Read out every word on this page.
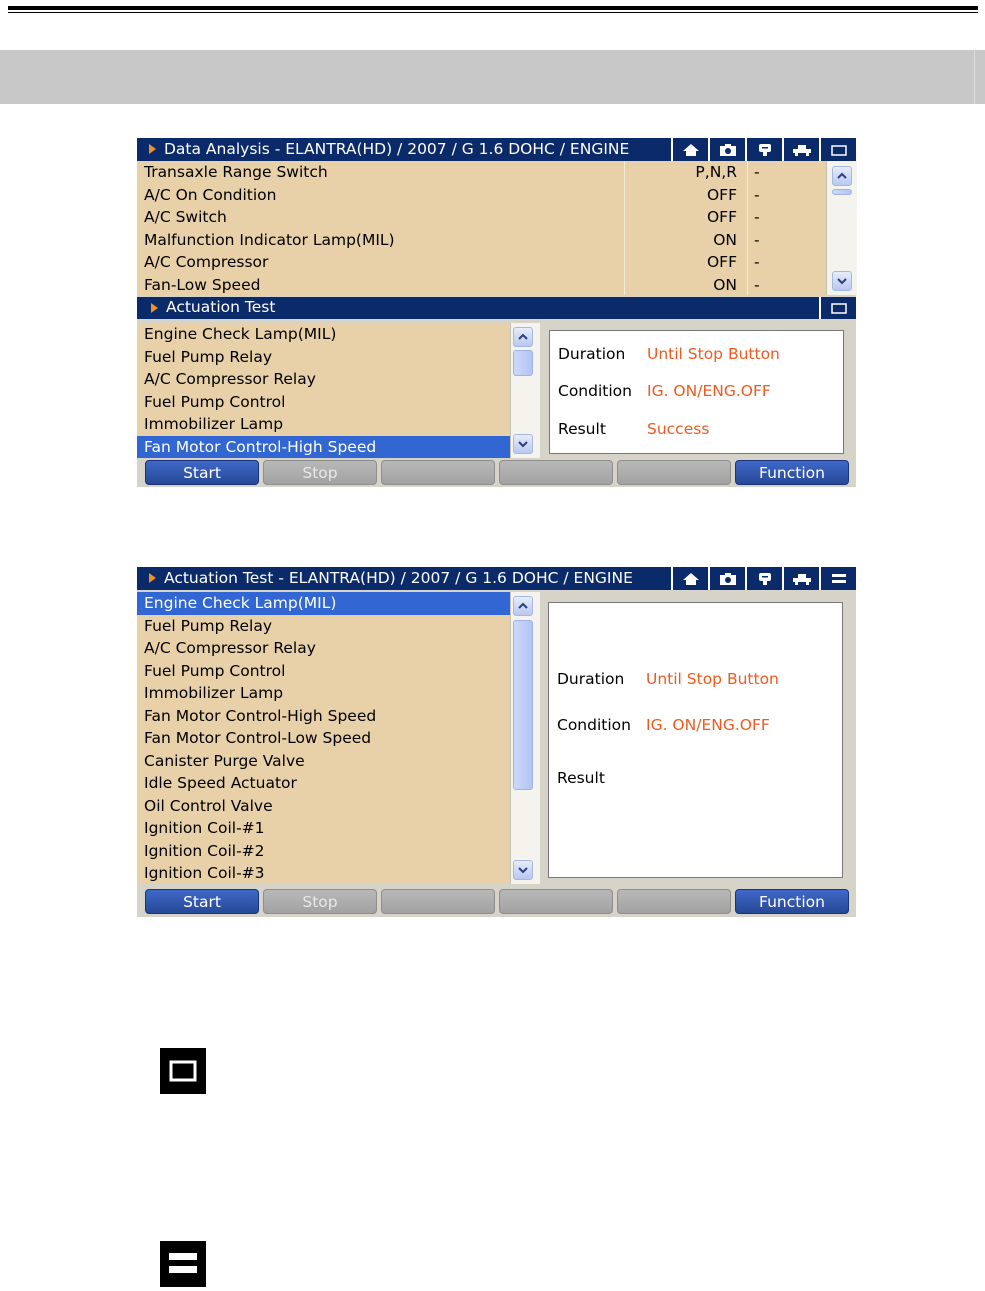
Data Analysis - ELANTRA(HD) / 2007 / G 1.6 DOHC / ENGINE
Transaxle Range Switch	P,N,R	-
A/C On Condition	OFF	-
A/C Switch	OFF	-
Malfunction Indicator Lamp(MIL)	ON	-
A/C Compressor	OFF	-
Fan-Low Speed	ON	-
Actuation Test
Engine Check Lamp(MIL)
Fuel Pump Relay
A/C Compressor Relay
Fuel Pump Control
Immobilizer Lamp
Fan Motor Control-High Speed
Duration Until Stop Button
Condition IG. ON/ENG.OFF
Result	Success
Start	Stop	Function
Actuation Test - ELANTRA(HD) / 2007 / G 1.6 DOHC / ENGINE
Engine Check Lamp(MIL)
Fuel Pump Relay
A/C Compressor Relay
Fuel Pump Control
Immobilizer Lamp
Fan Motor Control-High Speed
Fan Motor Control-Low Speed
Canister Purge Valve
Idle Speed Actuator
Oil Control Valve
Ignition Coil-#1
Ignition Coil-#2
Ignition Coil-#3
Duration Until Stop Button
Condition IG. ON/ENG.OFF
Result
Start	Stop	Function
